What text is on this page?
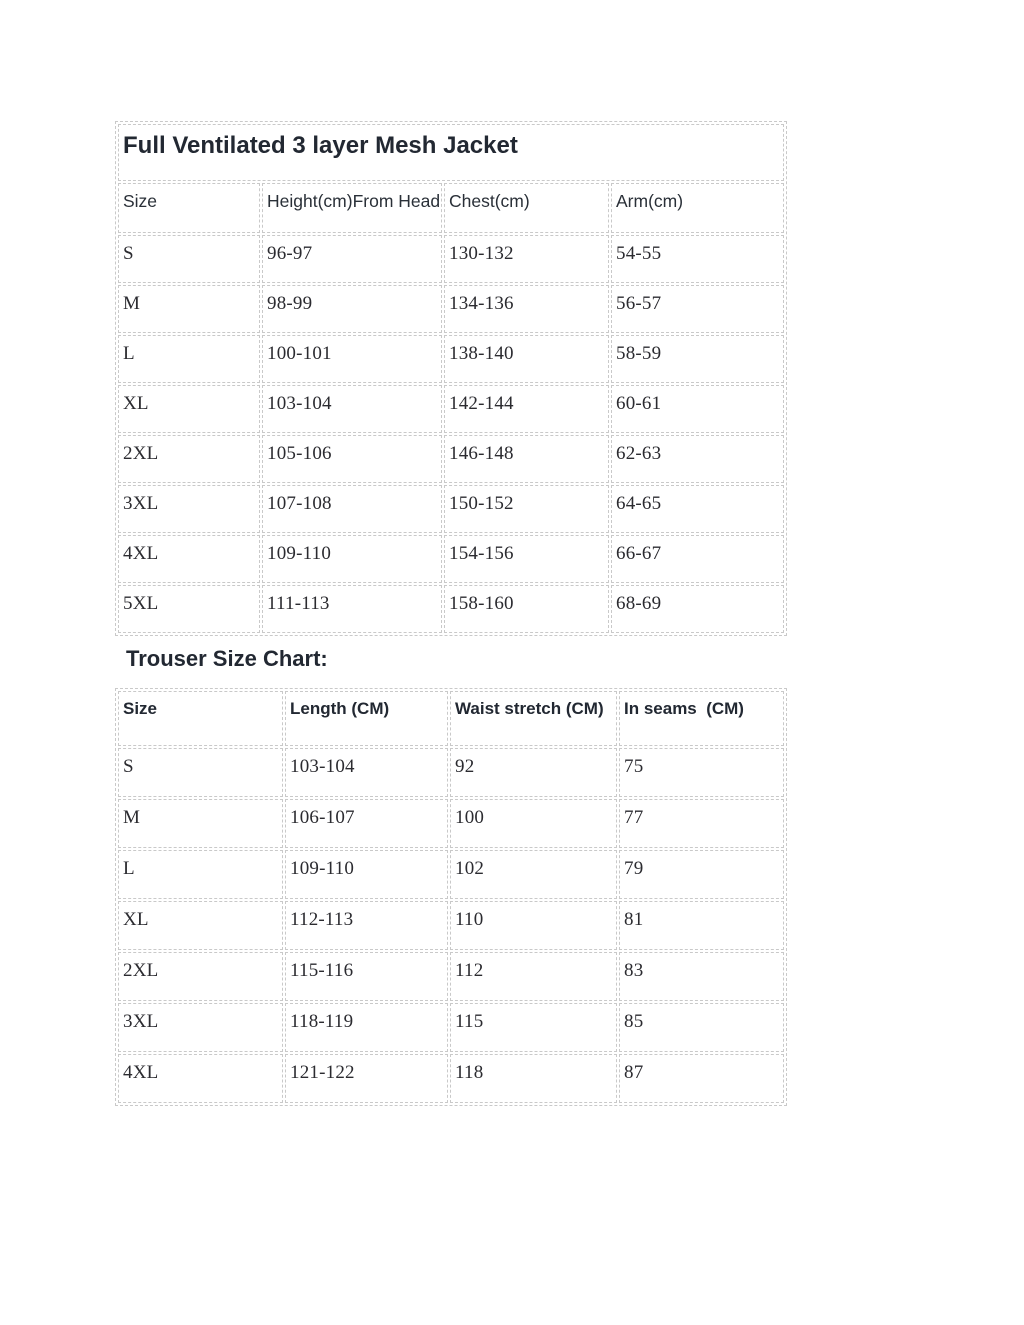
Full Ventilated 3 layer Mesh Jacket			
Size	Height(cm)From Head	Chest(cm)	Arm(cm)
S	96-97	130-132	54-55
M	98-99	134-136	56-57
L	100-101	138-140	58-59
XL	103-104	142-144	60-61
2XL	105-106	146-148	62-63
3XL	107-108	150-152	64-65
4XL	109-110	154-156	66-67
5XL	111-113	158-160	68-69
Trouser Size Chart:
Size	Length (CM)	Waist stretch (CM)	In seams  (CM)
S	103-104	92	75
M	106-107	100	77
L	109-110	102	79
XL	112-113	110	81
2XL	115-116	112	83
3XL	118-119	115	85
4XL	121-122	118	87
